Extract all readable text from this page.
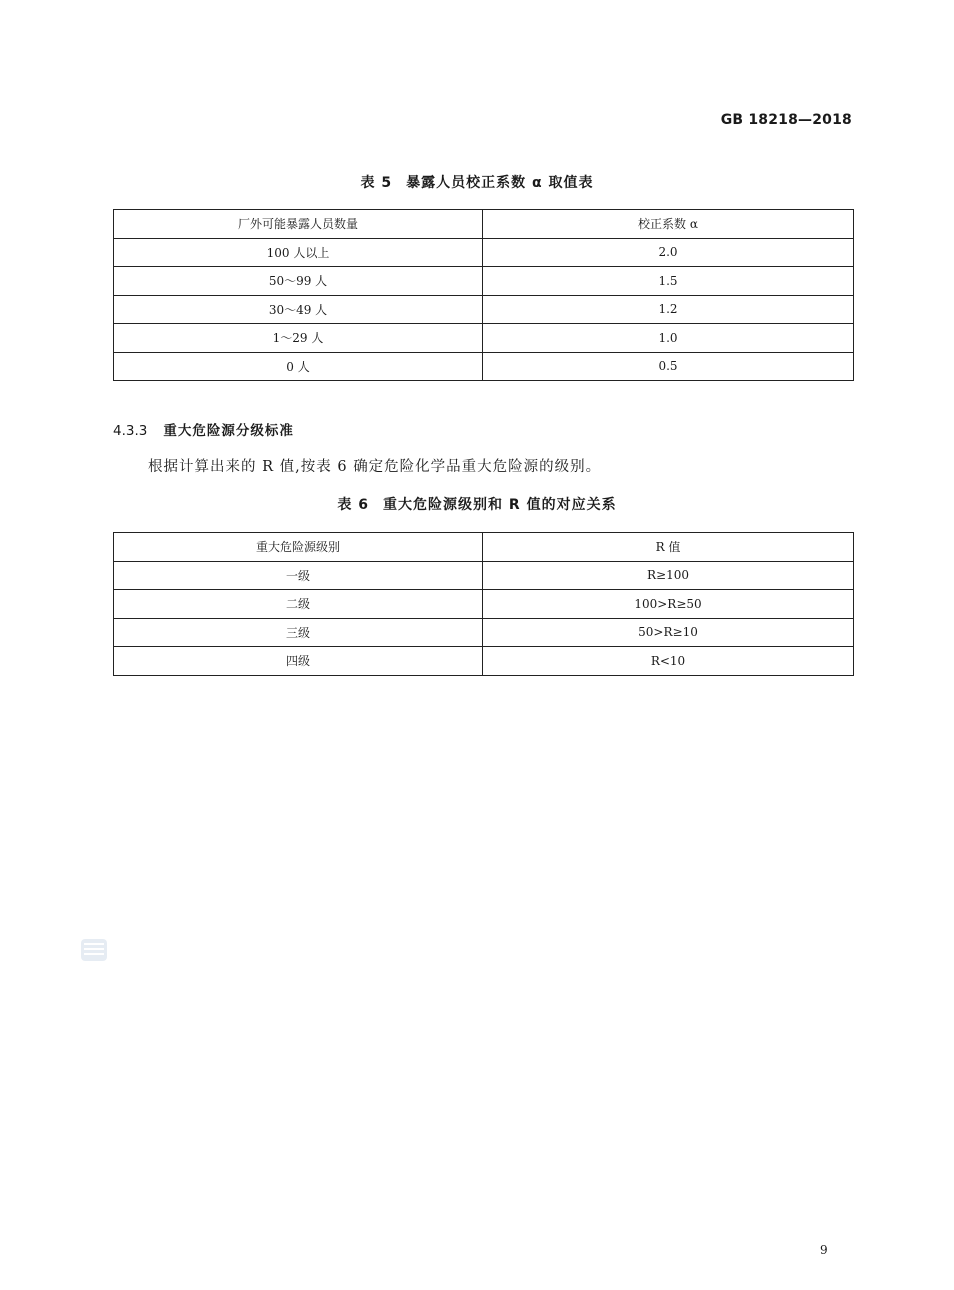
GB 18218—2018
表 5 暴露人员校正系数 α 取值表
厂外可能暴露人员数量	校正系数 α
100 人以上	2.0
50～99 人	1.5
30～49 人	1.2
1～29 人	1.0
0 人	0.5
4.3.3 重大危险源分级标准
根据计算出来的 R 值,按表 6 确定危险化学品重大危险源的级别。
表 6 重大危险源级别和 R 值的对应关系
重大危险源级别	R 值
一级	R≥100
二级	100>R≥50
三级	50>R≥10
四级	R<10
9
